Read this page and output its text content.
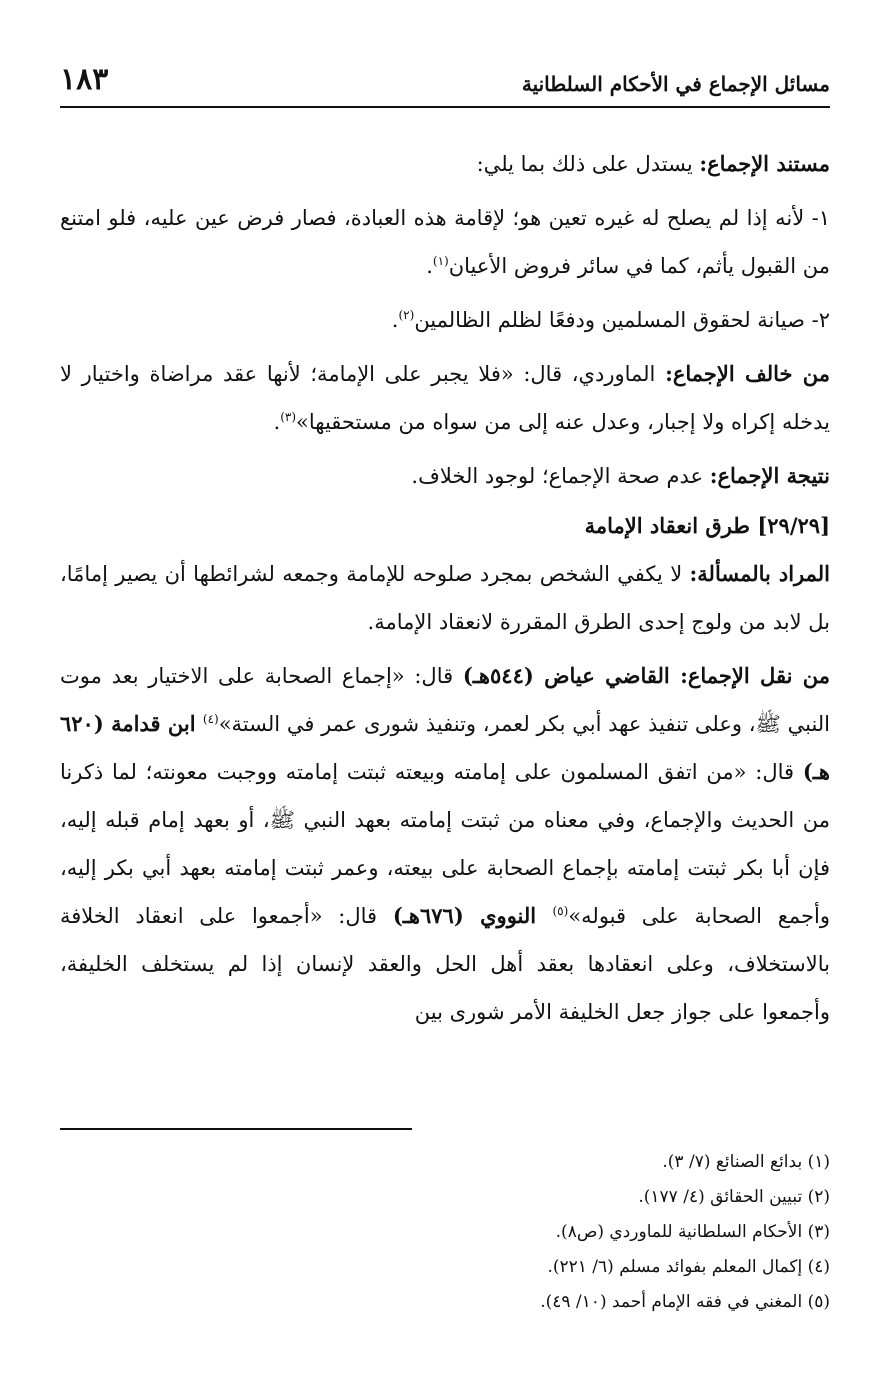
مسائل الإجماع في الأحكام السلطانية
١٨٣

مستند الإجماع: يستدل على ذلك بما يلي:

١- لأنه إذا لم يصلح له غيره تعين هو؛ لإقامة هذه العبادة، فصار فرض عين عليه، فلو امتنع من القبول يأثم، كما في سائر فروض الأعيان$^{(١)}$.

٢- صيانة لحقوق المسلمين ودفعًا لظلم الظالمين$^{(٢)}$.

من خالف الإجماع: الماوردي، قال: «فلا يجبر على الإمامة؛ لأنها عقد مراضاة واختيار لا يدخله إكراه ولا إجبار، وعدل عنه إلى من سواه من مستحقيها»$^{(٣)}$.

نتيجة الإجماع: عدم صحة الإجماع؛ لوجود الخلاف.

[٢٩/٢٩] طرق انعقاد الإمامة

المراد بالمسألة: لا يكفي الشخص بمجرد صلوحه للإمامة وجمعه لشرائطها أن يصير إمامًا، بل لابد من ولوج إحدى الطرق المقررة لانعقاد الإمامة.

من نقل الإجماع: القاضي عياض (٥٤٤هـ) قال: «إجماع الصحابة على الاختيار بعد موت النبي ﷺ، وعلى تنفيذ عهد أبي بكر لعمر، وتنفيذ شورى عمر في الستة»$^{(٤)}$ ابن قدامة (٦٢٠ هـ) قال: «من اتفق المسلمون على إمامته وبيعته ثبتت إمامته ووجبت معونته؛ لما ذكرنا من الحديث والإجماع، وفي معناه من ثبتت إمامته بعهد النبي ﷺ، أو بعهد إمام قبله إليه، فإن أبا بكر ثبتت إمامته بإجماع الصحابة على بيعته، وعمر ثبتت إمامته بعهد أبي بكر إليه، وأجمع الصحابة على قبوله»$^{(٥)}$ النووي (٦٧٦هـ) قال: «أجمعوا على انعقاد الخلافة بالاستخلاف، وعلى انعقادها بعقد أهل الحل والعقد لإنسان إذا لم يستخلف الخليفة، وأجمعوا على جواز جعل الخليفة الأمر شورى بين

(١) بدائع الصنائع (٧/ ٣).
(٢) تبيين الحقائق (٤/ ١٧٧).
(٣) الأحكام السلطانية للماوردي (ص٨).
(٤) إكمال المعلم بفوائد مسلم (٦/ ٢٢١).
(٥) المغني في فقه الإمام أحمد (١٠/ ٤٩).
